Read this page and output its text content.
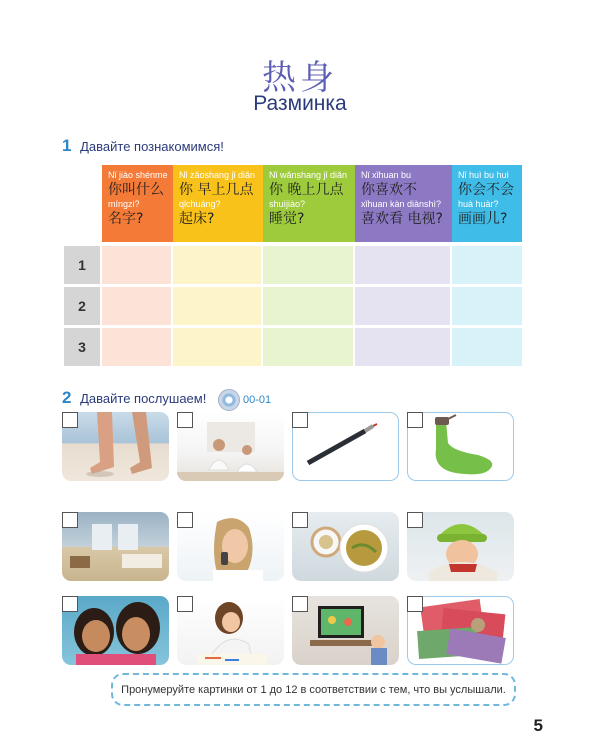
热身
Разминка
1 Давайте познакомимся!
Nǐ jiào shénme
你叫什么
míngzi?
名字?
Nǐ zǎoshang jǐ diǎn
你 早上几点
qǐchuáng?
起床?
Nǐ wǎnshang jǐ diǎn
你 晚上几点
shuìjiào?
睡觉?
Nǐ xǐhuan bu
你喜欢不
xǐhuan kàn diànshì?
喜欢看 电视?
Nǐ huì bu huì
你会不会
huà huàr?
画画儿?
1
2
3
2 Давайте послушаем!	00-01
Пронумеруйте картинки от 1 до 12 в соответствии с тем, что вы услышали.
5
